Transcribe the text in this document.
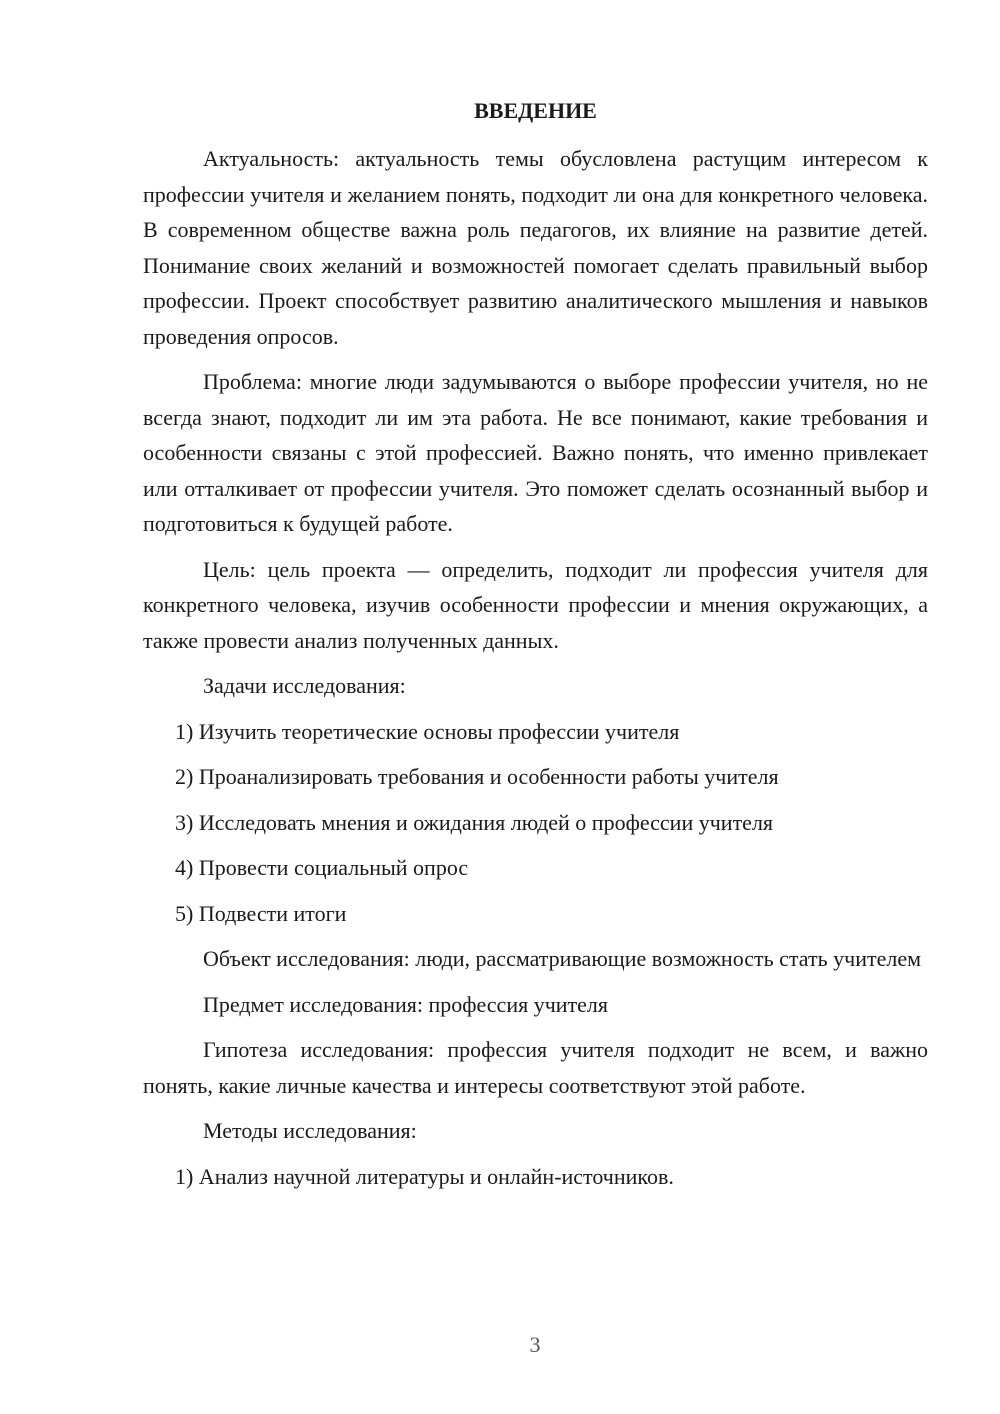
ВВЕДЕНИЕ

Актуальность: актуальность темы обусловлена растущим интересом к профессии учителя и желанием понять, подходит ли она для конкретного человека. В современном обществе важна роль педагогов, их влияние на развитие детей. Понимание своих желаний и возможностей помогает сделать правильный выбор профессии. Проект способствует развитию аналитического мышления и навыков проведения опросов.

Проблема: многие люди задумываются о выборе профессии учителя, но не всегда знают, подходит ли им эта работа. Не все понимают, какие требования и особенности связаны с этой профессией. Важно понять, что именно привлекает или отталкивает от профессии учителя. Это поможет сделать осознанный выбор и подготовиться к будущей работе.

Цель: цель проекта — определить, подходит ли профессия учителя для конкретного человека, изучив особенности профессии и мнения окружающих, а также провести анализ полученных данных.

Задачи исследования:

1) Изучить теоретические основы профессии учителя

2) Проанализировать требования и особенности работы учителя

3) Исследовать мнения и ожидания людей о профессии учителя

4) Провести социальный опрос

5) Подвести итоги

Объект исследования: люди, рассматривающие возможность стать учителем

Предмет исследования: профессия учителя

Гипотеза исследования: профессия учителя подходит не всем, и важно понять, какие личные качества и интересы соответствуют этой работе.

Методы исследования:

1) Анализ научной литературы и онлайн-источников.

3
